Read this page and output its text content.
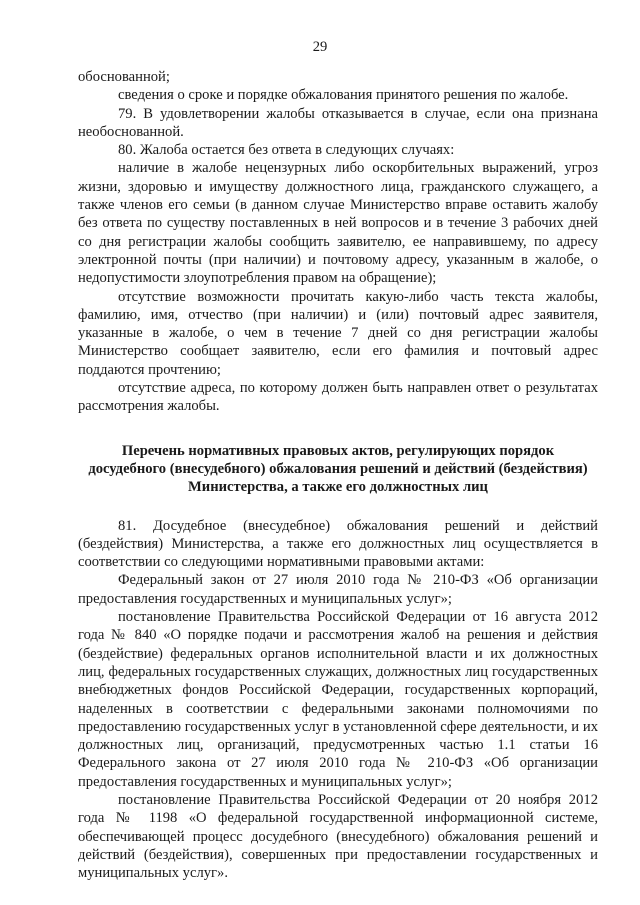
29

обоснованной;

сведения о сроке и порядке обжалования принятого решения по жалобе.

79. В удовлетворении жалобы отказывается в случае, если она признана необоснованной.

80. Жалоба остается без ответа в следующих случаях:

наличие в жалобе нецензурных либо оскорбительных выражений, угроз жизни, здоровью и имуществу должностного лица, гражданского служащего, а также членов его семьи (в данном случае Министерство вправе оставить жалобу без ответа по существу поставленных в ней вопросов и в течение 3 рабочих дней со дня регистрации жалобы сообщить заявителю, ее направившему, по адресу электронной почты (при наличии) и почтовому адресу, указанным в жалобе, о недопустимости злоупотребления правом на обращение);

отсутствие возможности прочитать какую-либо часть текста жалобы, фамилию, имя, отчество (при наличии) и (или) почтовый адрес заявителя, указанные в жалобе, о чем в течение 7 дней со дня регистрации жалобы Министерство сообщает заявителю, если его фамилия и почтовый адрес поддаются прочтению;

отсутствие адреса, по которому должен быть направлен ответ о результатах рассмотрения жалобы.

Перечень нормативных правовых актов, регулирующих порядок
досудебного (внесудебного) обжалования решений и действий (бездействия)
Министерства, а также его должностных лиц

81. Досудебное (внесудебное) обжалования решений и действий (бездействия) Министерства, а также его должностных лиц осуществляется в соответствии со следующими нормативными правовыми актами:

Федеральный закон от 27 июля 2010 года № 210-ФЗ «Об организации предоставления государственных и муниципальных услуг»;

постановление Правительства Российской Федерации от 16 августа 2012 года № 840 «О порядке подачи и рассмотрения жалоб на решения и действия (бездействие) федеральных органов исполнительной власти и их должностных лиц, федеральных государственных служащих, должностных лиц государственных внебюджетных фондов Российской Федерации, государственных корпораций, наделенных в соответствии с федеральными законами полномочиями по предоставлению государственных услуг в установленной сфере деятельности, и их должностных лиц, организаций, предусмотренных частью 1.1 статьи 16 Федерального закона от 27 июля 2010 года № 210-ФЗ «Об организации предоставления государственных и муниципальных услуг»;

постановление Правительства Российской Федерации от 20 ноября 2012 года № 1198 «О федеральной государственной информационной системе, обеспечивающей процесс досудебного (внесудебного) обжалования решений и действий (бездействия), совершенных при предоставлении государственных и муниципальных услуг».
